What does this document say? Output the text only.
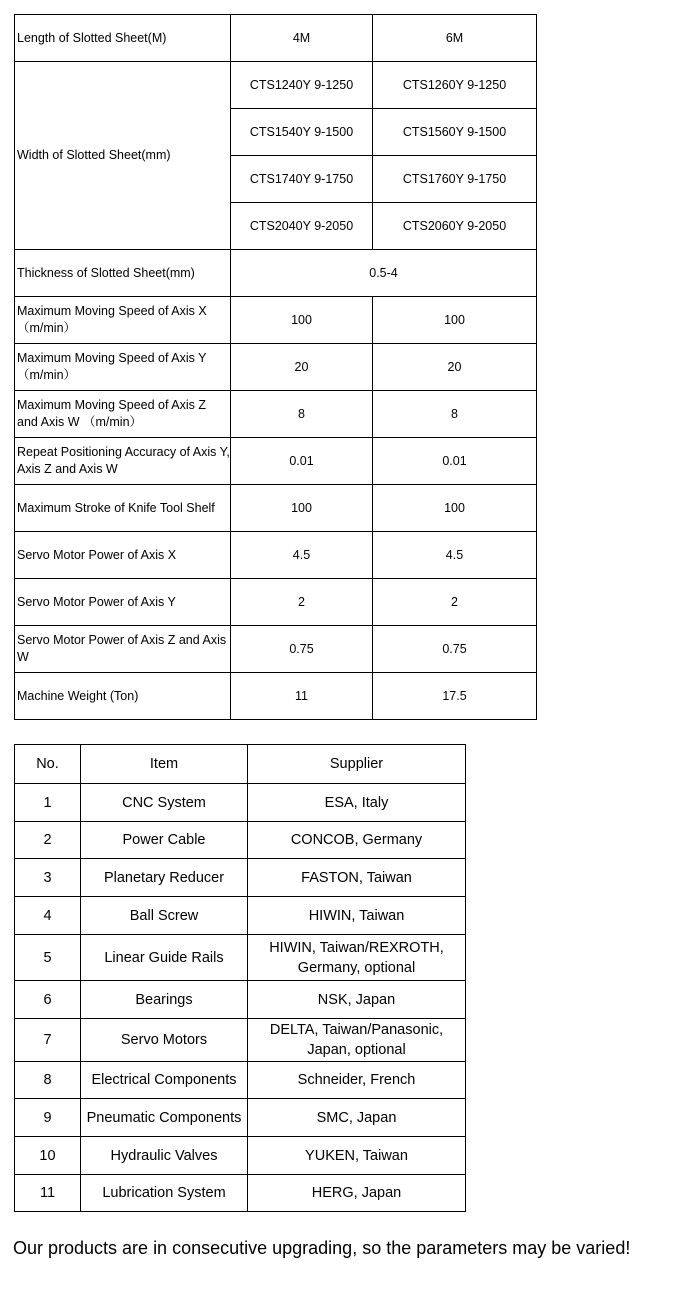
Length of Slotted Sheet(M)	4M	6M
Width of Slotted Sheet(mm)	CTS1240Y 9-1250	CTS1260Y 9-1250
	CTS1540Y 9-1500	CTS1560Y 9-1500
	CTS1740Y 9-1750	CTS1760Y 9-1750
	CTS2040Y 9-2050	CTS2060Y 9-2050
Thickness of Slotted Sheet(mm)	0.5-4	
Maximum Moving Speed of Axis X （m/min）	100	100
Maximum Moving Speed of Axis Y （m/min）	20	20
Maximum Moving Speed of Axis Z and Axis W （m/min）	8	8
Repeat Positioning Accuracy of Axis Y, Axis Z and Axis W	0.01	0.01
Maximum Stroke of Knife Tool Shelf	100	100
Servo Motor Power of Axis X	4.5	4.5
Servo Motor Power of Axis Y	2	2
Servo Motor Power of Axis Z and Axis W	0.75	0.75
Machine Weight (Ton)	11	17.5
No.	Item	Supplier
1	CNC System	ESA, Italy
2	Power Cable	CONCOB, Germany
3	Planetary Reducer	FASTON, Taiwan
4	Ball Screw	HIWIN, Taiwan
5	Linear Guide Rails	HIWIN, Taiwan/REXROTH, Germany, optional
6	Bearings	NSK, Japan
7	Servo Motors	DELTA, Taiwan/Panasonic, Japan, optional
8	Electrical Components	Schneider, French
9	Pneumatic Components	SMC, Japan
10	Hydraulic Valves	YUKEN, Taiwan
11	Lubrication System	HERG, Japan

Our products are in consecutive upgrading, so the parameters may be varied!
